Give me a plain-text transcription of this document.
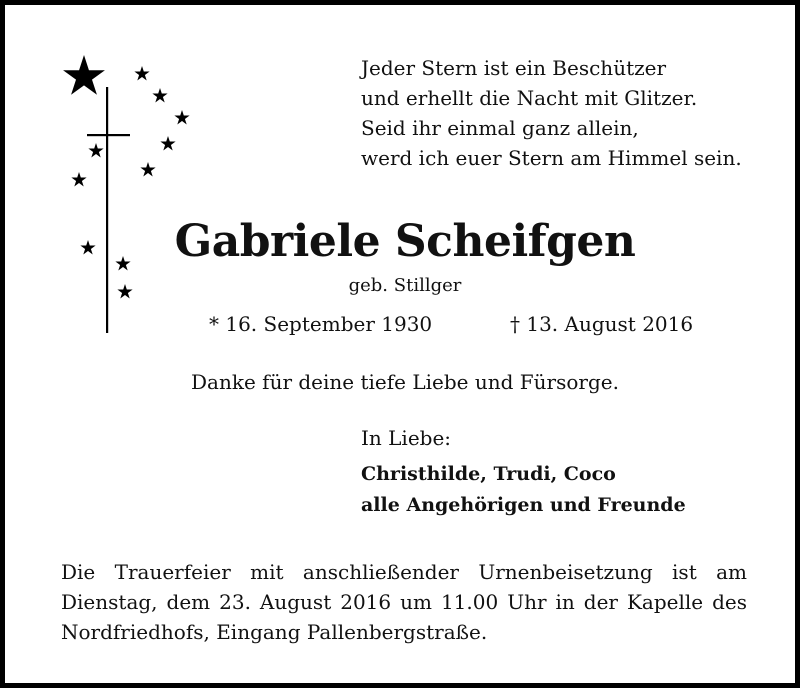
Jeder Stern ist ein Beschützer
und erhellt die Nacht mit Glitzer.
Seid ihr einmal ganz allein,
werd ich euer Stern am Himmel sein.
Gabriele Scheifgen
geb. Stillger
* 16. September 1930	† 13. August 2016
Danke für deine tiefe Liebe und Fürsorge.
In Liebe:
Christhilde, Trudi, Coco
alle Angehörigen und Freunde
Die Trauerfeier mit anschließender Urnenbeisetzung ist am
Dienstag, dem 23. August 2016 um 11.00 Uhr in der Kapelle des
Nordfriedhofs, Eingang Pallenbergstraße.
